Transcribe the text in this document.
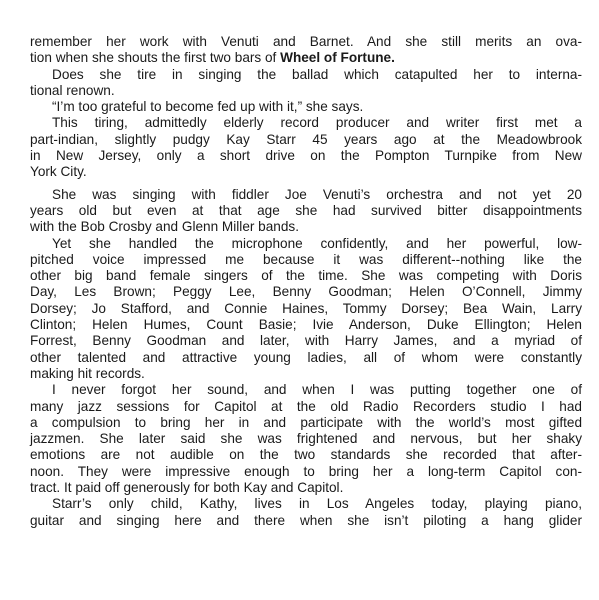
remember her work with Venuti and Barnet. And she still merits an ova-
tion when she shouts the first two bars of Wheel of Fortune.
Does she tire in singing the ballad which catapulted her to interna-
tional renown.
“I’m too grateful to become fed up with it,” she says.
This tiring, admittedly elderly record producer and writer first met a
part-indian, slightly pudgy Kay Starr 45 years ago at the Meadowbrook
in New Jersey, only a short drive on the Pompton Turnpike from New
York City.
She was singing with fiddler Joe Venuti’s orchestra and not yet 20
years old but even at that age she had survived bitter disappointments
with the Bob Crosby and Glenn Miller bands.
Yet she handled the microphone confidently, and her powerful, low-
pitched voice impressed me because it was different--nothing like the
other big band female singers of the time. She was competing with Doris
Day, Les Brown; Peggy Lee, Benny Goodman; Helen O’Connell, Jimmy
Dorsey; Jo Stafford, and Connie Haines, Tommy Dorsey; Bea Wain, Larry
Clinton; Helen Humes, Count Basie; Ivie Anderson, Duke Ellington; Helen
Forrest, Benny Goodman and later, with Harry James, and a myriad of
other talented and attractive young ladies, all of whom were constantly
making hit records.
I never forgot her sound, and when I was putting together one of
many jazz sessions for Capitol at the old Radio Recorders studio I had
a compulsion to bring her in and participate with the world’s most gifted
jazzmen. She later said she was frightened and nervous, but her shaky
emotions are not audible on the two standards she recorded that after-
noon. They were impressive enough to bring her a long-term Capitol con-
tract. It paid off generously for both Kay and Capitol.
Starr’s only child, Kathy, lives in Los Angeles today, playing piano,
guitar and singing here and there when she isn’t piloting a hang glider
